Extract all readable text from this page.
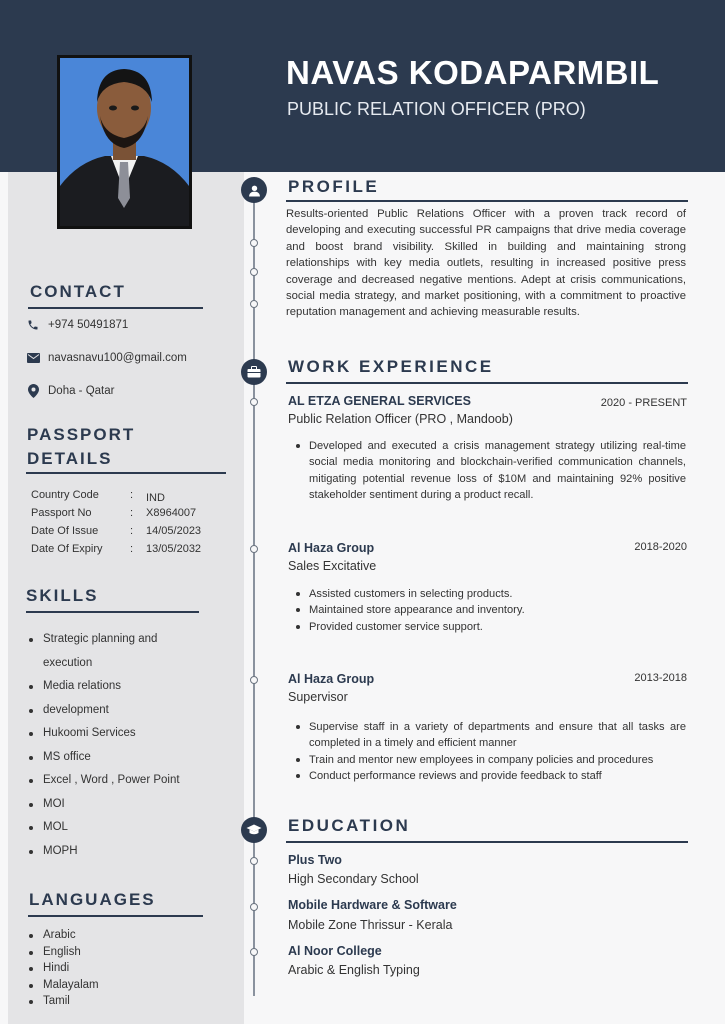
NAVAS KODAPARMBIL
PUBLIC RELATION OFFICER (PRO)
CONTACT
+974 50491871
navasnavu100@gmail.com
Doha - Qatar
PASSPORT
DETAILS
Country Code	: IND
Passport No	: X8964007
Date Of Issue	: 14/05/2023
Date Of Expiry : 13/05/2032
SKILLS
Strategic planning and execution
Media relations
development
Hukoomi Services
MS office
Excel , Word , Power Point
MOI
MOL
MOPH
LANGUAGES
Arabic
English
Hindi
Malayalam
Tamil
PROFILE
Results-oriented Public Relations Officer with a proven track record of developing and executing successful PR campaigns that drive media coverage and boost brand visibility. Skilled in building and maintaining strong relationships with key media outlets, resulting in increased positive press coverage and decreased negative mentions. Adept at crisis communications, social media strategy, and market positioning, with a commitment to proactive reputation management and achieving measurable results.
WORK EXPERIENCE
AL ETZA GENERAL SERVICES	2020 - PRESENT
Public Relation Officer (PRO , Mandoob)
Developed and executed a crisis management strategy utilizing real-time social media monitoring and blockchain-verified communication channels, mitigating potential revenue loss of $10M and maintaining 92% positive stakeholder sentiment during a product recall.
Al Haza Group	2018-2020
Sales Excitative
Assisted customers in selecting products.
Maintained store appearance and inventory.
Provided customer service support.
Al Haza Group	2013-2018
Supervisor
Supervise staff in a variety of departments and ensure that all tasks are completed in a timely and efficient manner
Train and mentor new employees in company policies and procedures
Conduct performance reviews and provide feedback to staff
EDUCATION
Plus Two
High Secondary School
Mobile Hardware & Software
Mobile Zone Thrissur - Kerala
Al Noor College
Arabic & English Typing
